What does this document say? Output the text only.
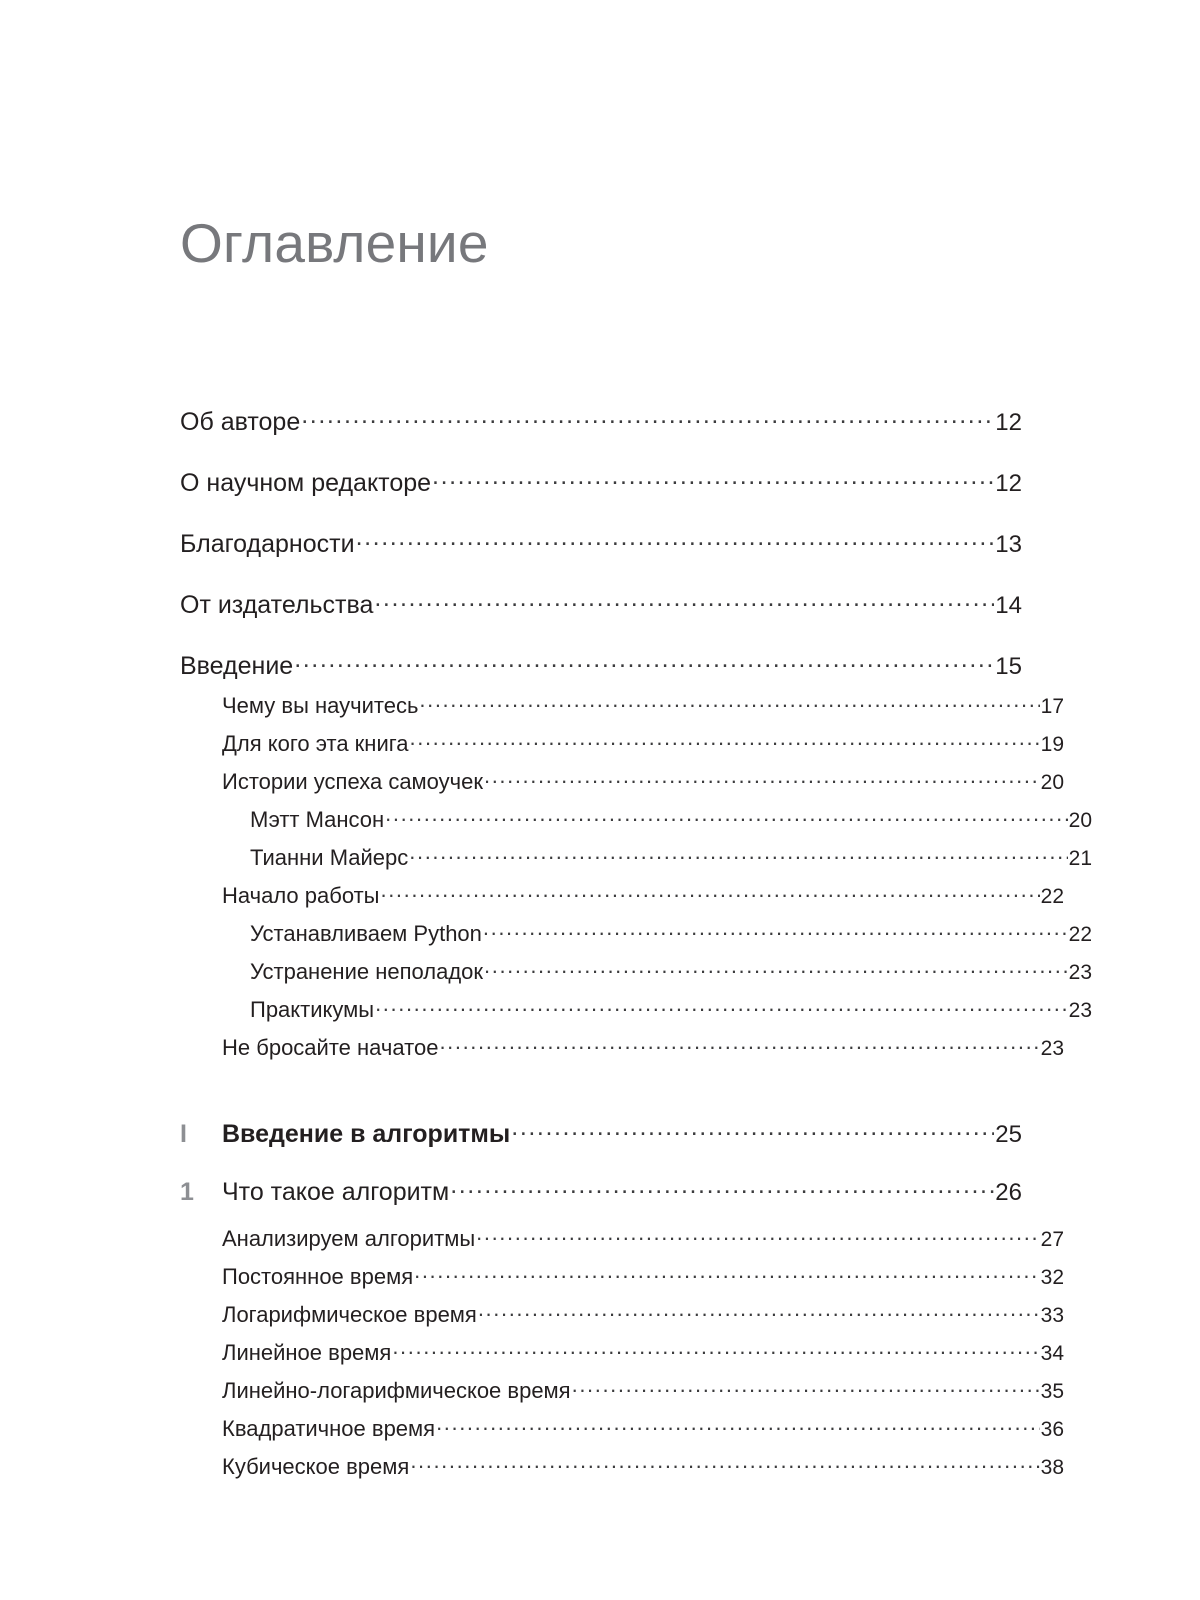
Оглавление
Об авторе .....	12
О научном редакторе .....	12
Благодарности .....	13
От издательства .....	14
Введение .....	15
Чему вы научитесь .....	17
Для кого эта книга .....	19
Истории успеха самоучек .....	20
Мэтт Мансон .....	20
Тианни Майерс .....	21
Начало работы .....	22
Устанавливаем Python .....	22
Устранение неполадок .....	23
Практикумы .....	23
Не бросайте начатое .....	23
I	Введение в алгоритмы .....	25
1	Что такое алгоритм .....	26
Анализируем алгоритмы .....	27
Постоянное время .....	32
Логарифмическое время .....	33
Линейное время .....	34
Линейно-логарифмическое время .....	35
Квадратичное время .....	36
Кубическое время .....	38
